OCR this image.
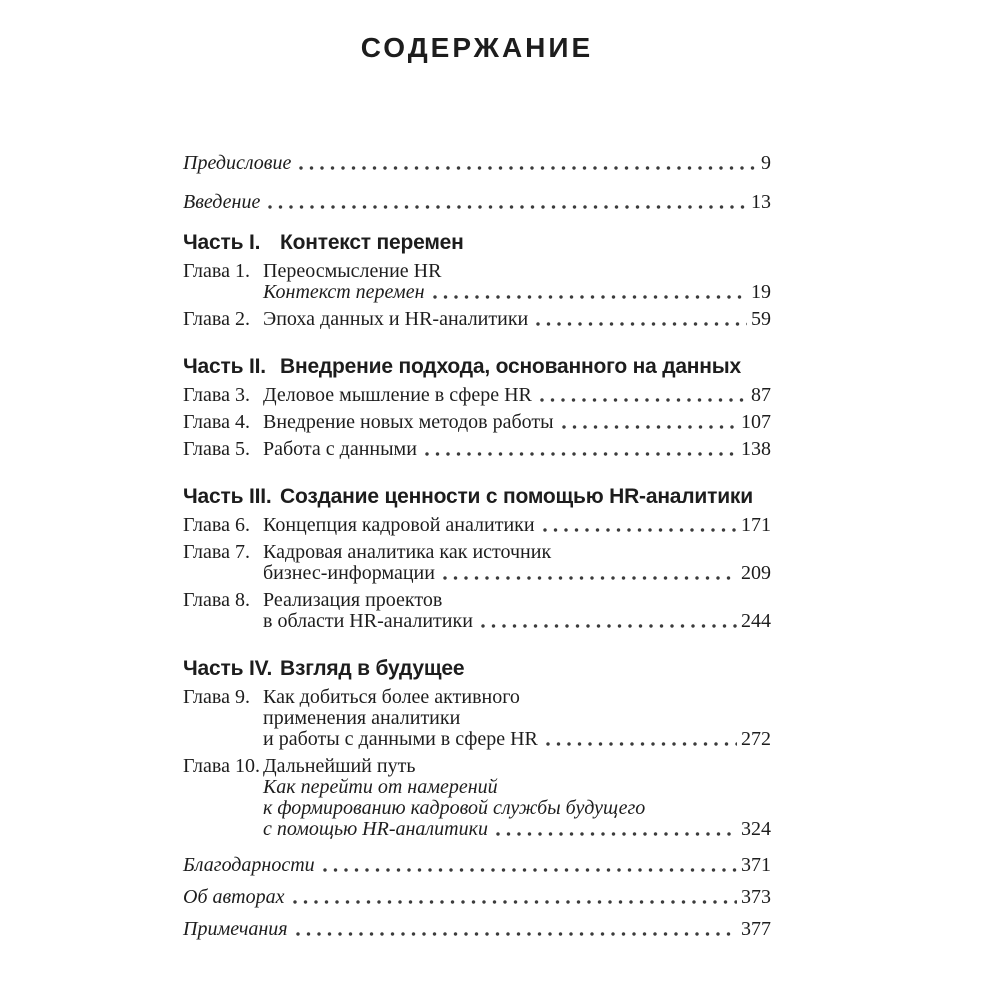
СОДЕРЖАНИЕ
Предисловие	9
Введение	13
Часть I. Контекст перемен
Глава 1. Переосмысление HR
Контекст перемен	19
Глава 2. Эпоха данных и HR-аналитики	59
Часть II. Внедрение подхода, основанного на данных
Глава 3. Деловое мышление в сфере HR	87
Глава 4. Внедрение новых методов работы	107
Глава 5. Работа с данными	138
Часть III. Создание ценности с помощью HR-аналитики
Глава 6. Концепция кадровой аналитики	171
Глава 7. Кадровая аналитика как источник
бизнес-информации	209
Глава 8. Реализация проектов
в области HR-аналитики	244
Часть IV. Взгляд в будущее
Глава 9. Как добиться более активного
применения аналитики
и работы с данными в сфере HR	272
Глава 10. Дальнейший путь
Как перейти от намерений
к формированию кадровой службы будущего
с помощью HR-аналитики	324
Благодарности	371
Об авторах	373
Примечания	377
